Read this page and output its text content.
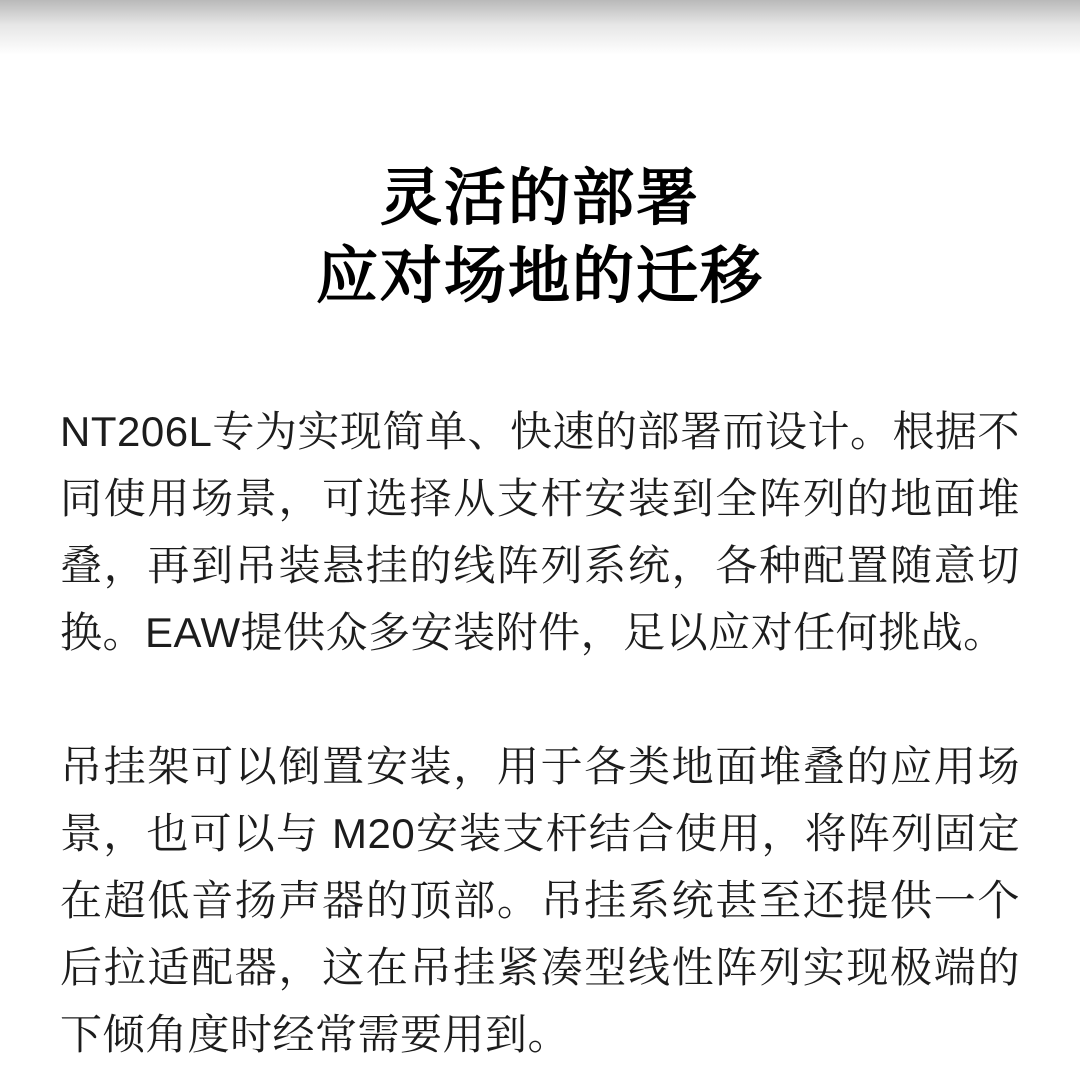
灵活的部署
应对场地的迁移

NT206L专为实现简单、快速的部署而设计。根据不同使用场景，可选择从支杆安装到全阵列的地面堆叠，再到吊装悬挂的线阵列系统，各种配置随意切换。EAW提供众多安装附件，足以应对任何挑战。

吊挂架可以倒置安装，用于各类地面堆叠的应用场景，也可以与 M20安装支杆结合使用，将阵列固定在超低音扬声器的顶部。吊挂系统甚至还提供一个后拉适配器，这在吊挂紧凑型线性阵列实现极端的下倾角度时经常需要用到。
